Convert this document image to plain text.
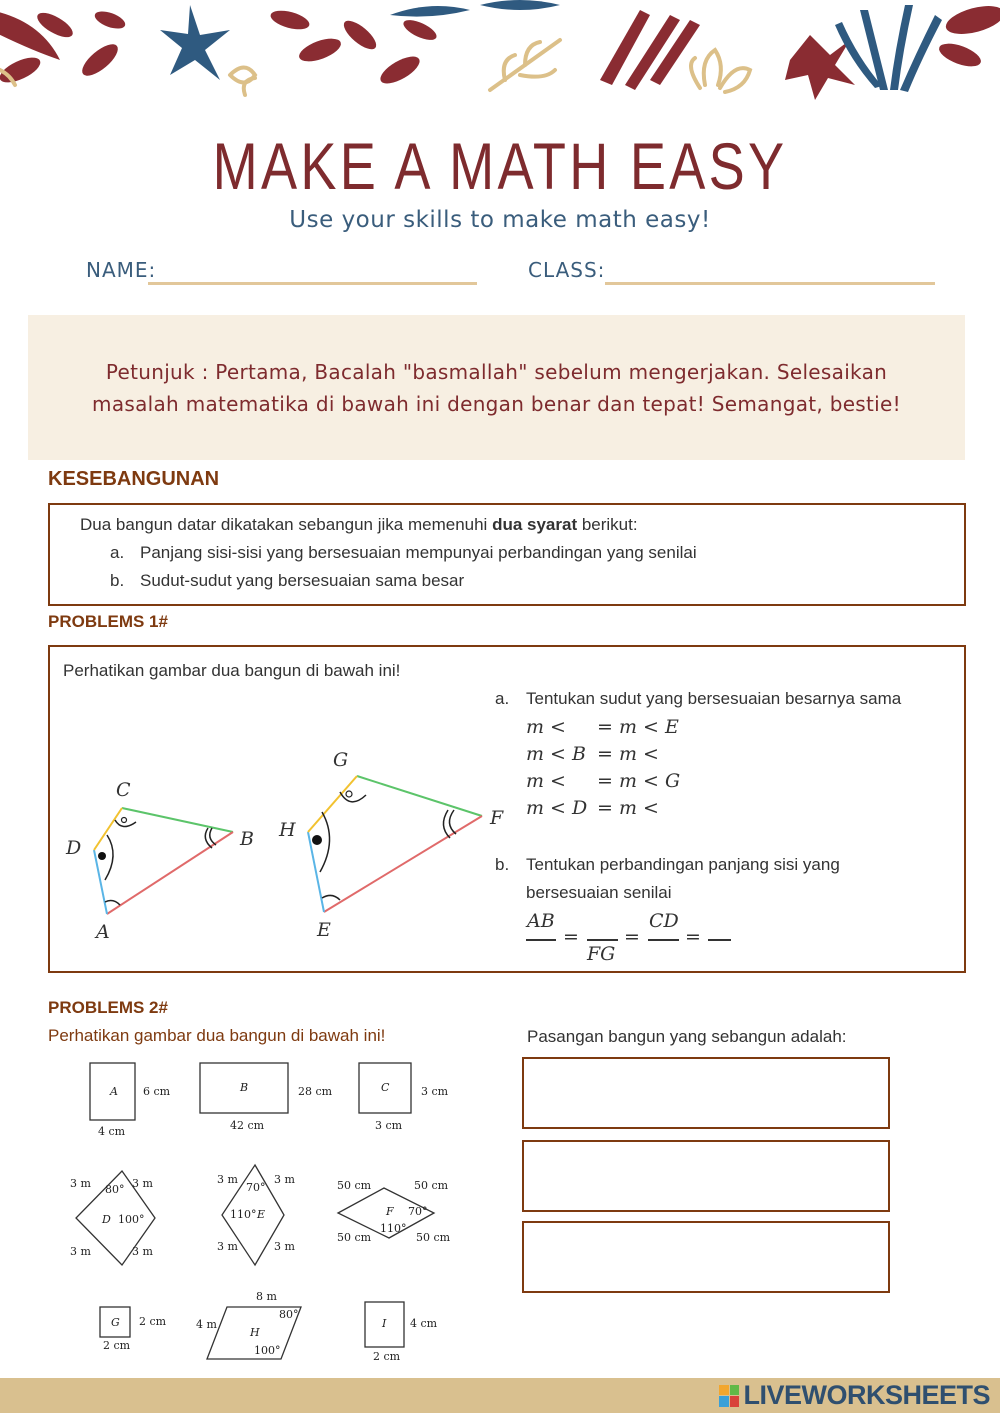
MAKE A MATH EASY
Use your skills to make math easy!
NAME:	CLASS:

Petunjuk : Pertama, Bacalah "basmallah" sebelum mengerjakan. Selesaikan
masalah matematika di bawah ini dengan benar dan tepat! Semangat, bestie!

KESEBANGUNAN
Dua bangun datar dikatakan sebangun jika memenuhi dua syarat berikut:
a. Panjang sisi-sisi yang bersesuaian mempunyai perbandingan yang senilai
b. Sudut-sudut yang bersesuaian sama besar
PROBLEMS 1#
Perhatikan gambar dua bangun di bawah ini!
C
B
D
A
G
F
H
E
a. Tentukan sudut yang bersesuaian besarnya sama
m < = m < E
m < B = m <
m < = m < G
m < D = m <
b. Tentukan perbandingan panjang sisi yang
bersesuaian senilai
AB
=
FG
=
CD
=
PROBLEMS 2#
Perhatikan gambar dua bangun di bawah ini!	Pasangan bangun yang sebangun adalah:
A 6 cm
4 cm
B	28 cm
42 cm
C	3 cm
3 cm
80°
D 100°
3 m	3 m
3 m	3 m
70°
110° E
3 m	3 m
3 m	3 m
F 70°
110°
50 cm	50 cm
50 cm	50 cm
G 2 cm
2 cm
8 m
4 m
80°
H
100°
I 4 cm
2 cm
LIVEWORKSHEETS
